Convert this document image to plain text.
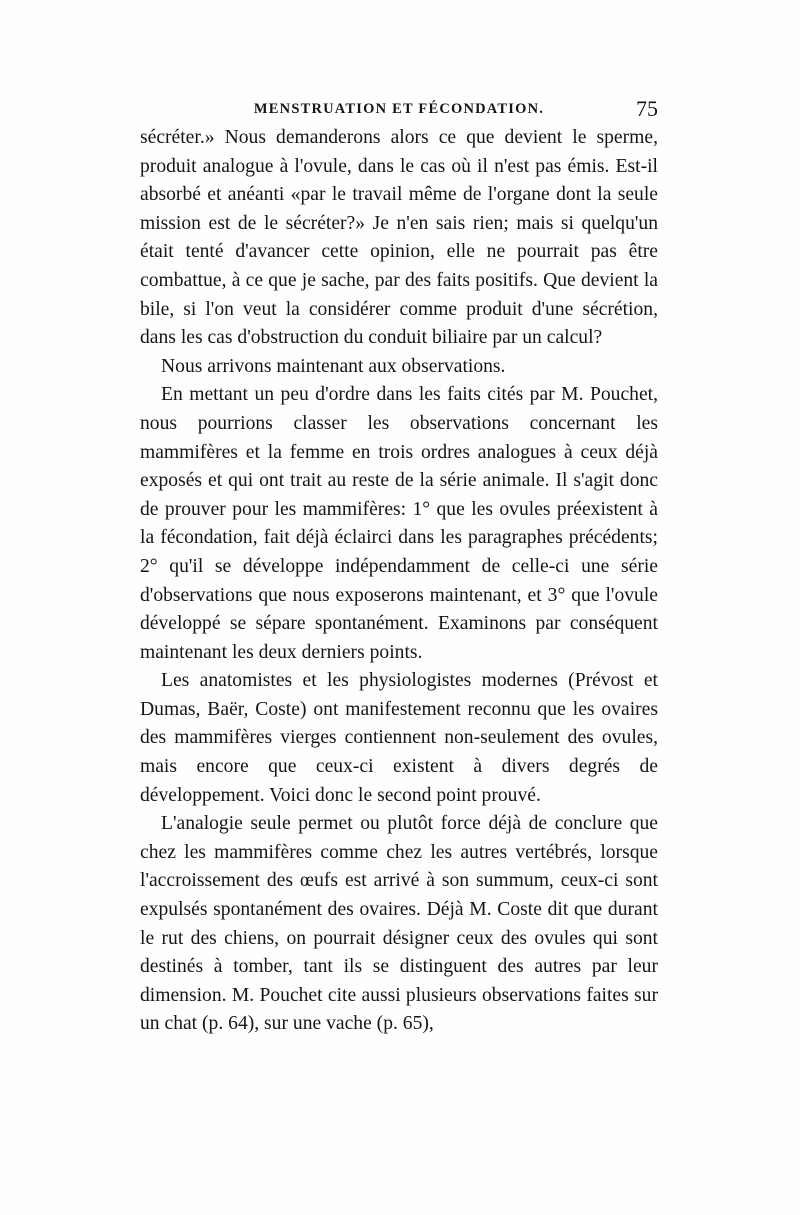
MENSTRUATION ET FÉCONDATION.	75

sécréter.» Nous demanderons alors ce que devient le sperme, produit analogue à l'ovule, dans le cas où il n'est pas émis. Est-il absorbé et anéanti «par le travail même de l'organe dont la seule mission est de le sécréter?» Je n'en sais rien; mais si quelqu'un était tenté d'avancer cette opinion, elle ne pourrait pas être combattue, à ce que je sache, par des faits positifs. Que devient la bile, si l'on veut la considérer comme produit d'une sécrétion, dans les cas d'obstruction du conduit biliaire par un calcul?

Nous arrivons maintenant aux observations.

En mettant un peu d'ordre dans les faits cités par M. Pouchet, nous pourrions classer les observations concernant les mammifères et la femme en trois ordres analogues à ceux déjà exposés et qui ont trait au reste de la série animale. Il s'agit donc de prouver pour les mammifères: 1° que les ovules préexistent à la fécondation, fait déjà éclairci dans les paragraphes précédents; 2° qu'il se développe indépendamment de celle-ci une série d'observations que nous exposerons maintenant, et 3° que l'ovule développé se sépare spontanément. Examinons par conséquent maintenant les deux derniers points.

Les anatomistes et les physiologistes modernes (Prévost et Dumas, Baër, Coste) ont manifestement reconnu que les ovaires des mammifères vierges contiennent non-seulement des ovules, mais encore que ceux-ci existent à divers degrés de développement. Voici donc le second point prouvé.

L'analogie seule permet ou plutôt force déjà de conclure que chez les mammifères comme chez les autres vertébrés, lorsque l'accroissement des œufs est arrivé à son summum, ceux-ci sont expulsés spontanément des ovaires. Déjà M. Coste dit que durant le rut des chiens, on pourrait désigner ceux des ovules qui sont destinés à tomber, tant ils se distinguent des autres par leur dimension. M. Pouchet cite aussi plusieurs observations faites sur un chat (p. 64), sur une vache (p. 65),
